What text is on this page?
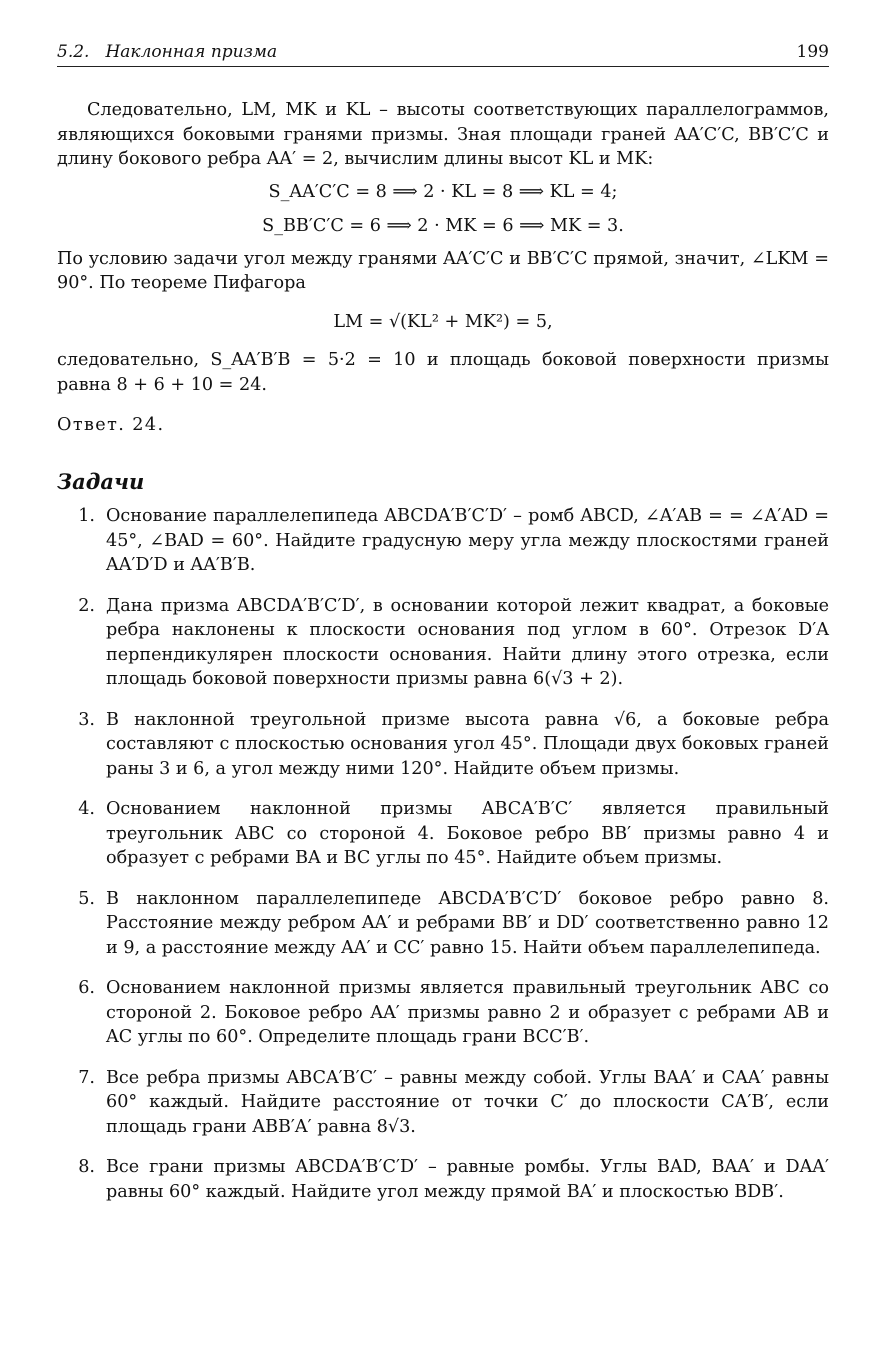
5.2. Наклонная призма	199

Следовательно, LM, MK и KL – высоты соответствующих параллелограммов, являющихся боковыми гранями призмы. Зная площади граней AA′C′C, BB′C′C и длину бокового ребра AA′ = 2, вычислим длины высот KL и MK:

S_AA′C′C = 8 ⟹ 2 · KL = 8 ⟹ KL = 4;

S_BB′C′C = 6 ⟹ 2 · MK = 6 ⟹ MK = 3.

По условию задачи угол между гранями AA′C′C и BB′C′C прямой, значит, ∠LKM = 90°. По теореме Пифагора

LM = √(KL² + MK²) = 5,

следовательно, S_AA′B′B = 5·2 = 10 и площадь боковой поверхности призмы равна 8 + 6 + 10 = 24.

Ответ. 24.

Задачи
1. Основание параллелепипеда ABCDA′B′C′D′ – ромб ABCD, ∠A′AB = = ∠A′AD = 45°, ∠BAD = 60°. Найдите градусную меру угла между плоскостями граней AA′D′D и AA′B′B.
2. Дана призма ABCDA′B′C′D′, в основании которой лежит квадрат, а боковые ребра наклонены к плоскости основания под углом в 60°. Отрезок D′A перпендикулярен плоскости основания. Найти длину этого отрезка, если площадь боковой поверхности призмы равна 6(√3 + 2).
3. В наклонной треугольной призме высота равна √6, а боковые ребра составляют с плоскостью основания угол 45°. Площади двух боковых граней раны 3 и 6, а угол между ними 120°. Найдите объем призмы.
4. Основанием наклонной призмы ABCA′B′C′ является правильный треугольник ABC со стороной 4. Боковое ребро BB′ призмы равно 4 и образует с ребрами BA и BC углы по 45°. Найдите объем призмы.
5. В наклонном параллелепипеде ABCDA′B′C′D′ боковое ребро равно 8. Расстояние между ребром AA′ и ребрами BB′ и DD′ соответственно равно 12 и 9, а расстояние между AA′ и CC′ равно 15. Найти объем параллелепипеда.
6. Основанием наклонной призмы является правильный треугольник ABC со стороной 2. Боковое ребро AA′ призмы равно 2 и образует с ребрами AB и AC углы по 60°. Определите площадь грани BCC′B′.
7. Все ребра призмы ABCA′B′C′ – равны между собой. Углы BAA′ и CAA′ равны 60° каждый. Найдите расстояние от точки C′ до плоскости CA′B′, если площадь грани ABB′A′ равна 8√3.
8. Все грани призмы ABCDA′B′C′D′ – равные ромбы. Углы BAD, BAA′ и DAA′ равны 60° каждый. Найдите угол между прямой BA′ и плоскостью BDB′.
